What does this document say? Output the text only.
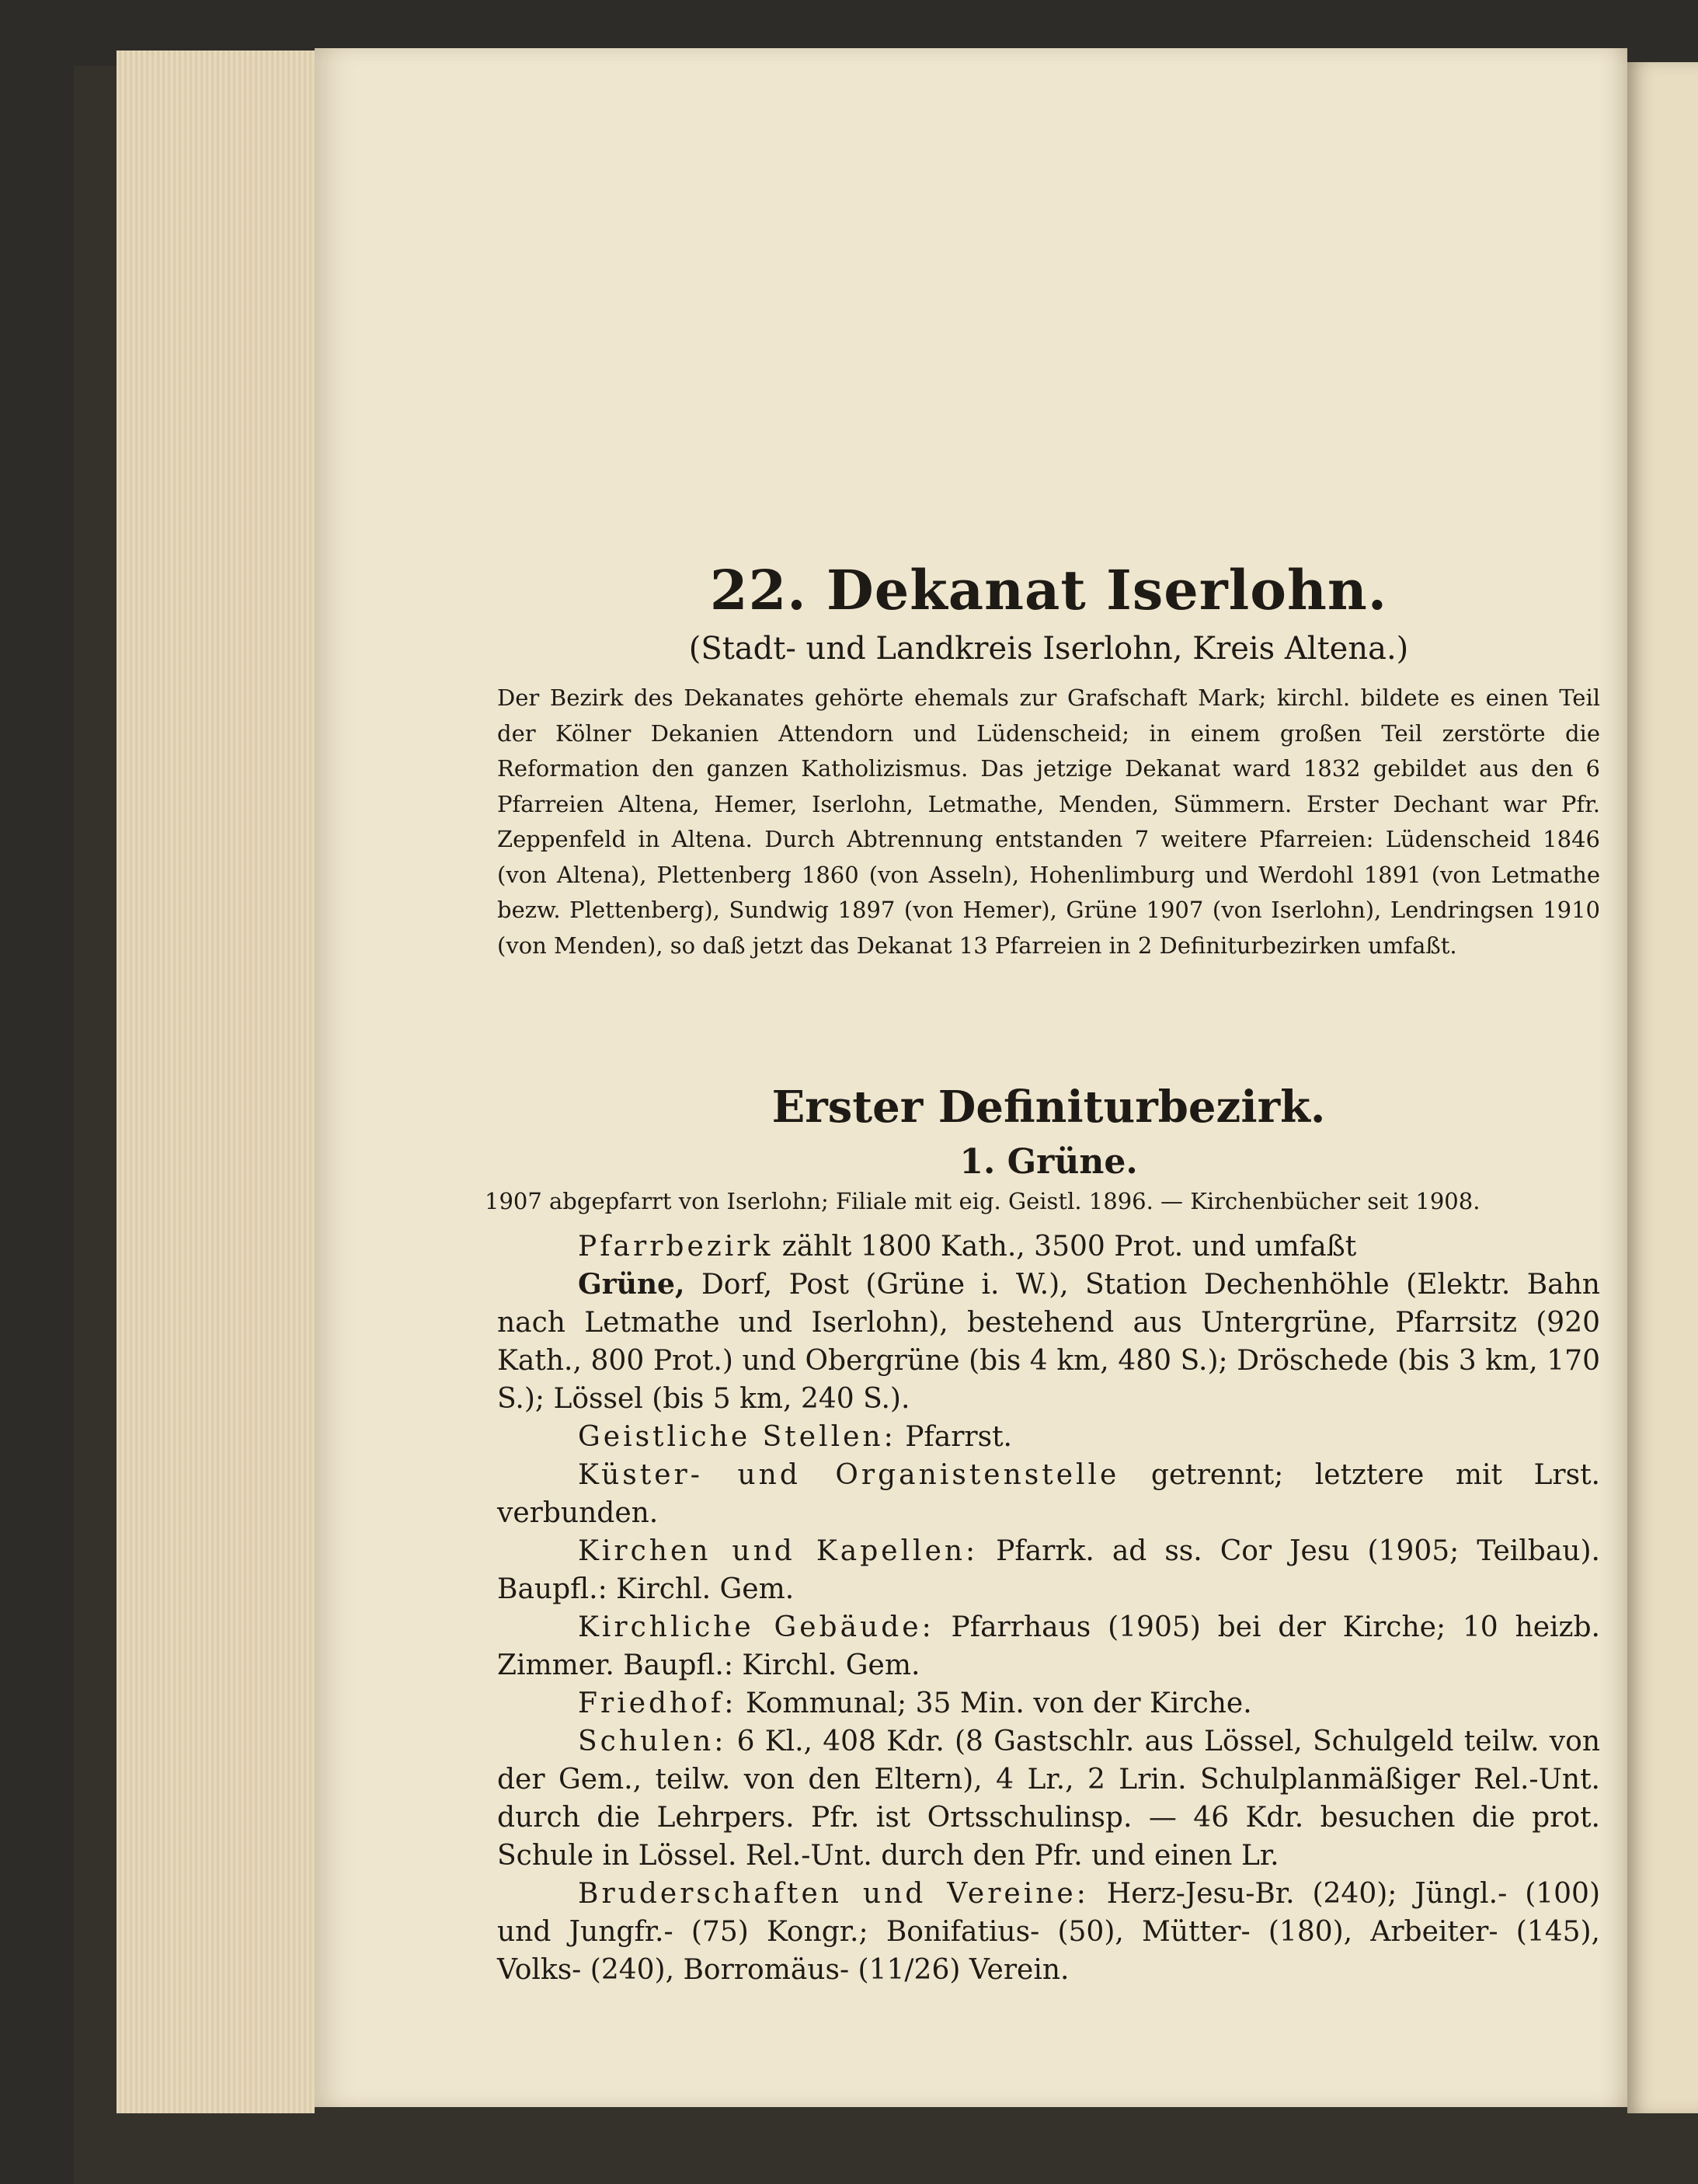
22. Dekanat Iserlohn.
(Stadt- und Landkreis Iserlohn, Kreis Altena.)

Der Bezirk des Dekanates gehörte ehemals zur Grafschaft Mark; kirchl. bildete es einen Teil der Kölner Dekanien Attendorn und Lüdenscheid; in einem großen Teil zerstörte die Reformation den ganzen Katholizismus. Das jetzige Dekanat ward 1832 gebildet aus den 6 Pfarreien Altena, Hemer, Iserlohn, Letmathe, Menden, Sümmern. Erster Dechant war Pfr. Zeppenfeld in Altena. Durch Abtrennung entstanden 7 weitere Pfarreien: Lüdenscheid 1846 (von Altena), Plettenberg 1860 (von Asseln), Hohenlimburg und Werdohl 1891 (von Letmathe bezw. Plettenberg), Sundwig 1897 (von Hemer), Grüne 1907 (von Iserlohn), Lendringsen 1910 (von Menden), so daß jetzt das Dekanat 13 Pfarreien in 2 Definiturbezirken umfaßt.

Erster Definiturbezirk.
1. Grüne.

1907 abgepfarrt von Iserlohn; Filiale mit eig. Geistl. 1896. — Kirchenbücher seit 1908.

Pfarrbezirk zählt 1800 Kath., 3500 Prot. und umfaßt

Grüne, Dorf, Post (Grüne i. W.), Station Dechenhöhle (Elektr. Bahn nach Letmathe und Iserlohn), bestehend aus Untergrüne, Pfarrsitz (920 Kath., 800 Prot.) und Obergrüne (bis 4 km, 480 S.); Dröschede (bis 3 km, 170 S.); Lössel (bis 5 km, 240 S.).

Geistliche Stellen: Pfarrst.

Küster- und Organistenstelle getrennt; letztere mit Lrst. verbunden.

Kirchen und Kapellen: Pfarrk. ad ss. Cor Jesu (1905; Teilbau). Baupfl.: Kirchl. Gem.

Kirchliche Gebäude: Pfarrhaus (1905) bei der Kirche; 10 heizb. Zimmer. Baupfl.: Kirchl. Gem.

Friedhof: Kommunal; 35 Min. von der Kirche.

Schulen: 6 Kl., 408 Kdr. (8 Gastschlr. aus Lössel, Schulgeld teilw. von der Gem., teilw. von den Eltern), 4 Lr., 2 Lrin. Schulplanmäßiger Rel.-Unt. durch die Lehrpers. Pfr. ist Ortsschulinsp. — 46 Kdr. besuchen die prot. Schule in Lössel. Rel.-Unt. durch den Pfr. und einen Lr.

Bruderschaften und Vereine: Herz-Jesu-Br. (240); Jüngl.- (100) und Jungfr.- (75) Kongr.; Bonifatius- (50), Mütter- (180), Arbeiter- (145), Volks- (240), Borromäus- (11/26) Verein.
